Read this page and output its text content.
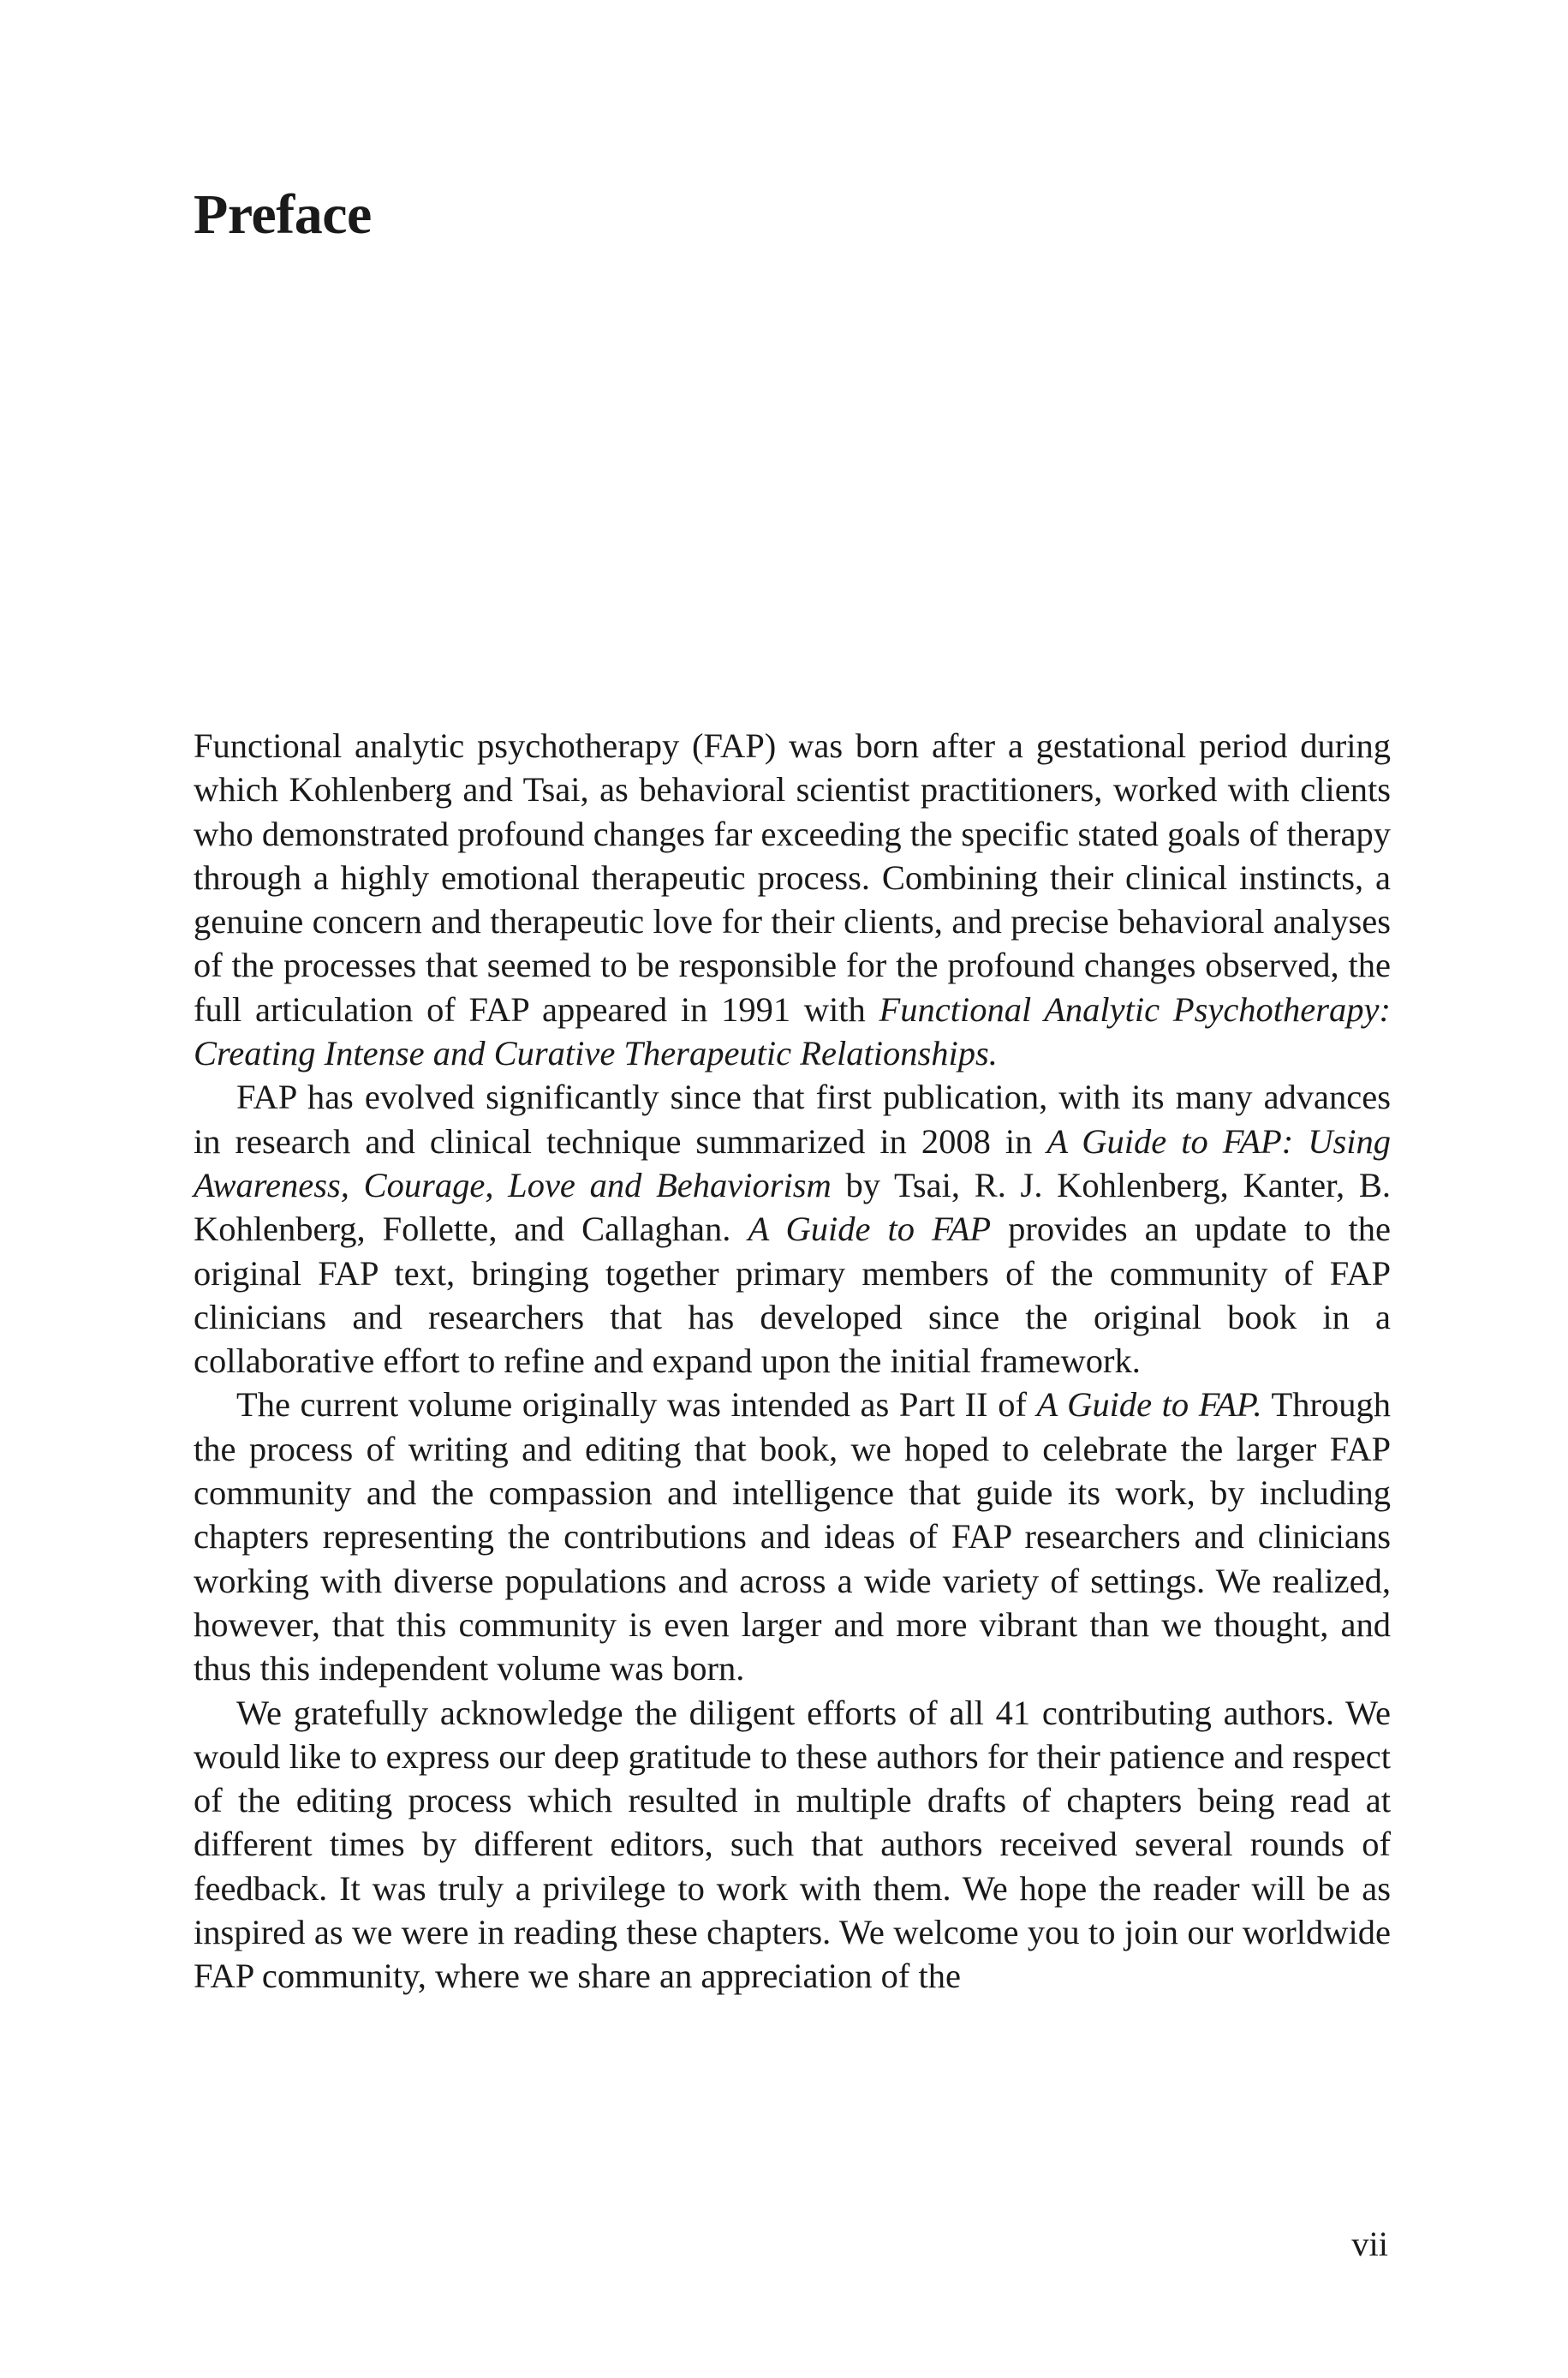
Preface

Functional analytic psychotherapy (FAP) was born after a gestational period during which Kohlenberg and Tsai, as behavioral scientist practitioners, worked with clients who demonstrated profound changes far exceeding the specific stated goals of therapy through a highly emotional therapeutic process. Combining their clinical instincts, a genuine concern and therapeutic love for their clients, and precise behavioral analyses of the processes that seemed to be responsible for the profound changes observed, the full articulation of FAP appeared in 1991 with Functional Analytic Psychotherapy: Creating Intense and Curative Therapeutic Relationships.

FAP has evolved significantly since that first publication, with its many advances in research and clinical technique summarized in 2008 in A Guide to FAP: Using Awareness, Courage, Love and Behaviorism by Tsai, R. J. Kohlenberg, Kanter, B. Kohlenberg, Follette, and Callaghan. A Guide to FAP provides an update to the original FAP text, bringing together primary members of the community of FAP clinicians and researchers that has developed since the original book in a collaborative effort to refine and expand upon the initial framework.

The current volume originally was intended as Part II of A Guide to FAP. Through the process of writing and editing that book, we hoped to celebrate the larger FAP community and the compassion and intelligence that guide its work, by including chapters representing the contributions and ideas of FAP researchers and clinicians working with diverse populations and across a wide variety of settings. We realized, however, that this community is even larger and more vibrant than we thought, and thus this independent volume was born.

We gratefully acknowledge the diligent efforts of all 41 contributing authors. We would like to express our deep gratitude to these authors for their patience and respect of the editing process which resulted in multiple drafts of chapters being read at different times by different editors, such that authors received several rounds of feedback. It was truly a privilege to work with them. We hope the reader will be as inspired as we were in reading these chapters. We welcome you to join our worldwide FAP community, where we share an appreciation of the

vii
